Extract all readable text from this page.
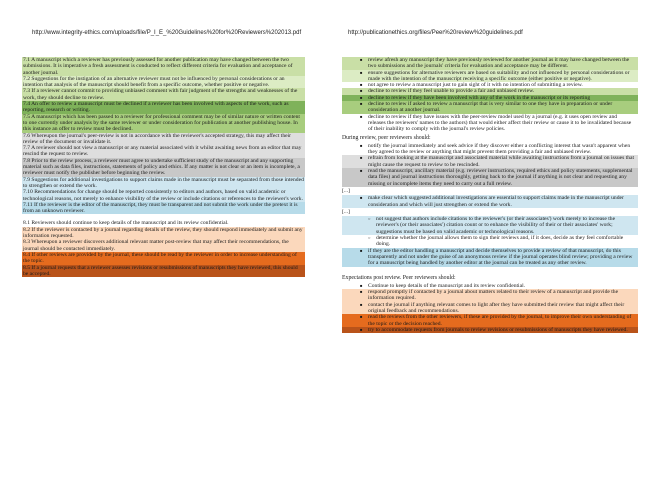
http://www.integrity-ethics.com/uploads/file/P_I_E_%20Guidelines%20for%20Reviewers%202013.pdf	http://publicationethics.org/files/Peer%20review%20guidelines.pdf
7.1 A manuscript which a reviewer has previously assessed for another publication may have changed between the two submissions. It is imperative a fresh assessment is conducted to reflect different criteria for evaluation and acceptance of another journal.
7.2 Suggestions for the instigation of an alternative reviewer must not be influenced by personal considerations or an intention that analysis of the manuscript should benefit from a specific outcome, whether positive or negative.
7.3 If a reviewer cannot commit to providing unbiased comment with fair judgment of the strengths and weaknesses of the work, they should decline to review.
7.4 An offer to review a manuscript must be declined if a reviewer has been involved with aspects of the work, such as reporting, research or writing.
7.5 A manuscript which has been passed to a reviewer for professional comment may be of similar nature or written content to one currently under analysis by the same reviewer or under consideration for publication at another publishing house. In this instance an offer to review must be declined.
7.6 Whereupon the journal's peer-review is not in accordance with the reviewer's accepted strategy, this may affect their review of the document or invalidate it.
7.7 A reviewer should not view a manuscript or any material associated with it whilst awaiting news from an editor that may rescind the request to review.
7.8 Prior to the review process, a reviewer must agree to undertake sufficient study of the manuscript and any supporting material such as data files, instructions, statements of policy and ethics. If any matter is not clear or an item is incomplete, a reviewer must notify the publisher before beginning the review.
7.9 Suggestions for additional investigations to support claims made in the manuscript must be separated from those intended to strengthen or extend the work.
7.10 Recommendations for change should be reported consistently to editors and authors, based on valid academic or technological reasons, not merely to enhance visibility of the review or include citations or references to the reviewer's work.
7.11 If the reviewer is the editor of the manuscript, they must be transparent and not submit the work under the pretext it is from an unknown reviewer.
8.1 Reviewers should continue to keep details of the manuscript and its review confidential.
8.2 If the reviewer is contacted by a journal regarding details of the review, they should respond immediately and submit any information requested.
8.3 Whereupon a reviewer discovers additional relevant matter post-review that may affect their recommendations, the journal should be contacted immediately.
8.4 If other reviews are provided by the journal, these should be read by the reviewer in order to increase understanding of the topic.
8.5 If a journal requests that a reviewer assesses revisions or resubmissions of manuscripts they have reviewed, this should be accepted.
■ review afresh any manuscript they have previously reviewed for another journal as it may have changed between the two submissions and the journals' criteria for evaluation and acceptance may be different.
■ ensure suggestions for alternative reviewers are based on suitability and not influenced by personal considerations or made with the intention of the manuscript receiving a specific outcome (either positive or negative).
■ not agree to review a manuscript just to gain sight of it with no intention of submitting a review.
■ decline to review if they feel unable to provide a fair and unbiased review.
■ decline to review if they have been involved with any of the work in the manuscript or its reporting
■ decline to review if asked to review a manuscript that is very similar to one they have in preparation or under consideration at another journal.
■ decline to review if they have issues with the peer-review model used by a journal (e.g. it uses open review and releases the reviewers' names to the authors) that would either affect their review or cause it to be invalidated because of their inability to comply with the journal's review policies.
During review, peer reviewers should:
■ notify the journal immediately and seek advice if they discover either a conflicting interest that wasn't apparent when they agreed to the review or anything that might prevent them providing a fair and unbiased review.
■ refrain from looking at the manuscript and associated material while awaiting instructions from a journal on issues that might cause the request to review to be rescinded.
■ read the manuscript, ancillary material (e.g. reviewer instructions, required ethics and policy statements, supplemental data files) and journal instructions thoroughly, getting back to the journal if anything is not clear and requesting any missing or incomplete items they need to carry out a full review.
[...]
■ make clear which suggested additional investigations are essential to support claims made in the manuscript under consideration and which will just strengthen or extend the work.
[...]
○ not suggest that authors include citations to the reviewer's (or their associates') work merely to increase the reviewer's (or their associates') citation count or to enhance the visibility of their or their associates' work; suggestions must be based on valid academic or technological reasons.
○ determine whether the journal allows them to sign their reviews and, if it does, decide as they feel comfortable doing.
■ if they are the editor handling a manuscript and decide themselves to provide a review of that manuscript, do this transparently and not under the guise of an anonymous review if the journal operates blind review; providing a review for a manuscript being handled by another editor at the journal can be treated as any other review.
Expectations post review. Peer reviewers should:
■ Continue to keep details of the manuscript and its review confidential.
■ respond promptly if contacted by a journal about matters related to their review of a manuscript and provide the information required.
■ contact the journal if anything relevant comes to light after they have submitted their review that might affect their original feedback and recommendations.
■ read the reviews from the other reviewers, if these are provided by the journal, to improve their own understanding of the topic or the decision reached.
■ try to accommodate requests from journals to review revisions or resubmissions of manuscripts they have reviewed.
